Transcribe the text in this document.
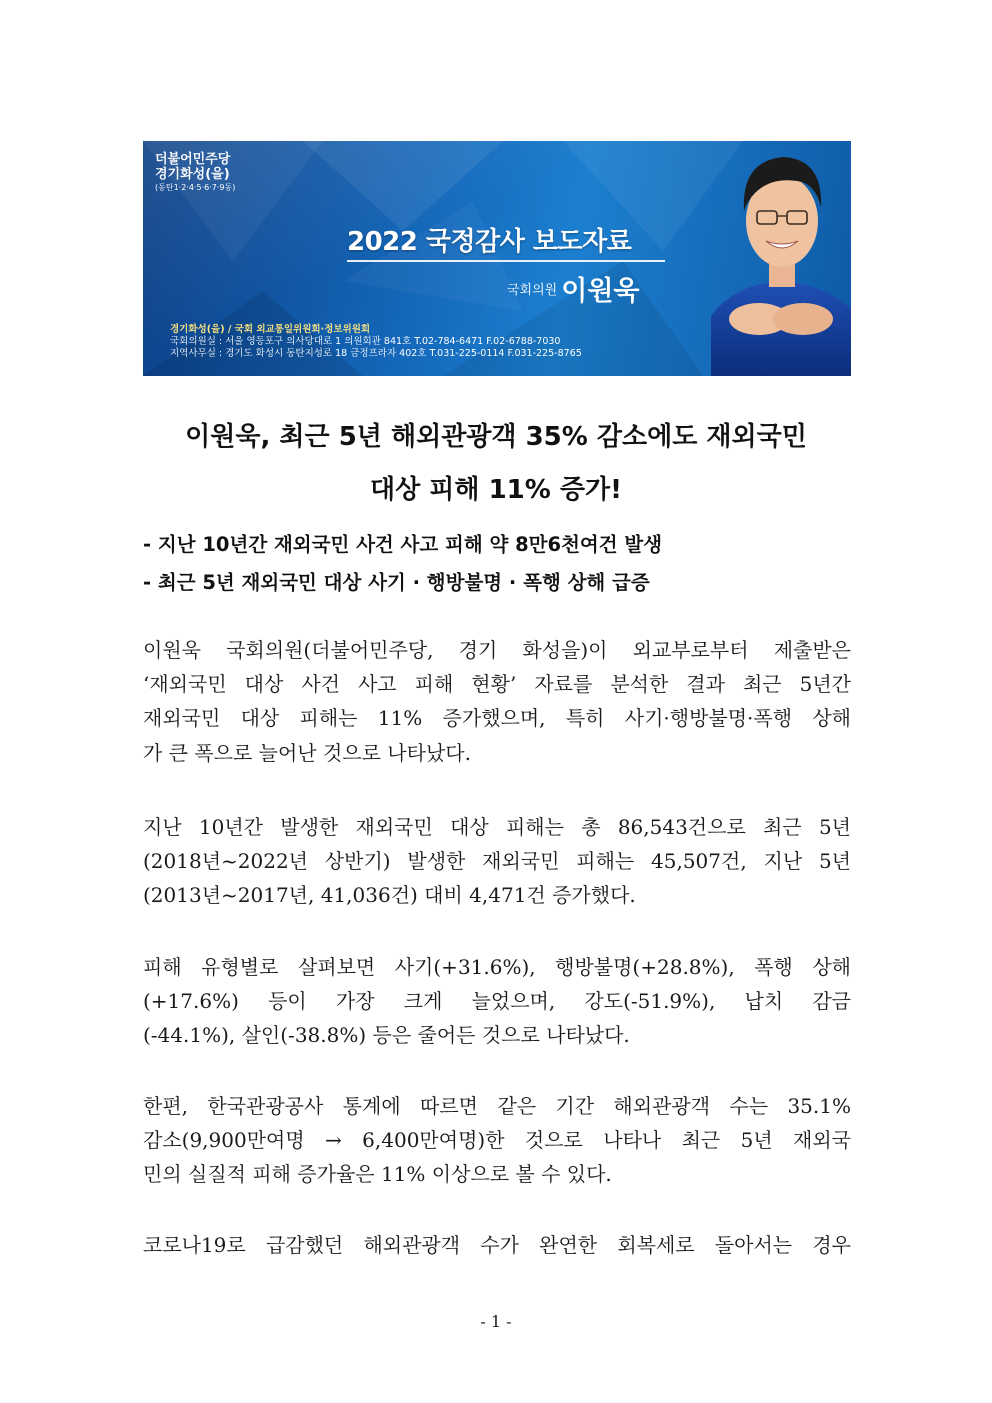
더불어민주당
경기화성(을)
(동탄1·2·4·5·6·7·9동)
2022 국정감사 보도자료
국회의원 이원욱
경기화성(을) / 국회 외교통일위원회·정보위원회
국회의원실 : 서울 영등포구 의사당대로 1 의원회관 841호 T.02-784-6471 F.02-6788-7030
지역사무실 : 경기도 화성시 동탄지성로 18 금정프라자 402호 T.031-225-0114 F.031-225-8765
이원욱, 최근 5년 해외관광객 35% 감소에도 재외국민
대상 피해 11% 증가!
- 지난 10년간 재외국민 사건 사고 피해 약 8만6천여건 발생
- 최근 5년 재외국민 대상 사기 · 행방불명 · 폭행 상해 급증
이원욱 국회의원(더불어민주당, 경기 화성을)이 외교부로부터 제출받은
‘재외국민 대상 사건 사고 피해 현황’ 자료를 분석한 결과 최근 5년간
재외국민 대상 피해는 11% 증가했으며, 특히 사기·행방불명·폭행 상해
가 큰 폭으로 늘어난 것으로 나타났다.
지난 10년간 발생한 재외국민 대상 피해는 총 86,543건으로 최근 5년
(2018년~2022년 상반기) 발생한 재외국민 피해는 45,507건, 지난 5년
(2013년~2017년, 41,036건) 대비 4,471건 증가했다.
피해 유형별로 살펴보면 사기(+31.6%), 행방불명(+28.8%), 폭행 상해
(+17.6%) 등이 가장 크게 늘었으며, 강도(-51.9%), 납치 감금
(-44.1%), 살인(-38.8%) 등은 줄어든 것으로 나타났다.
한편, 한국관광공사 통계에 따르면 같은 기간 해외관광객 수는 35.1%
감소(9,900만여명 → 6,400만여명)한 것으로 나타나 최근 5년 재외국
민의 실질적 피해 증가율은 11% 이상으로 볼 수 있다.
코로나19로 급감했던 해외관광객 수가 완연한 회복세로 돌아서는 경우
- 1 -
